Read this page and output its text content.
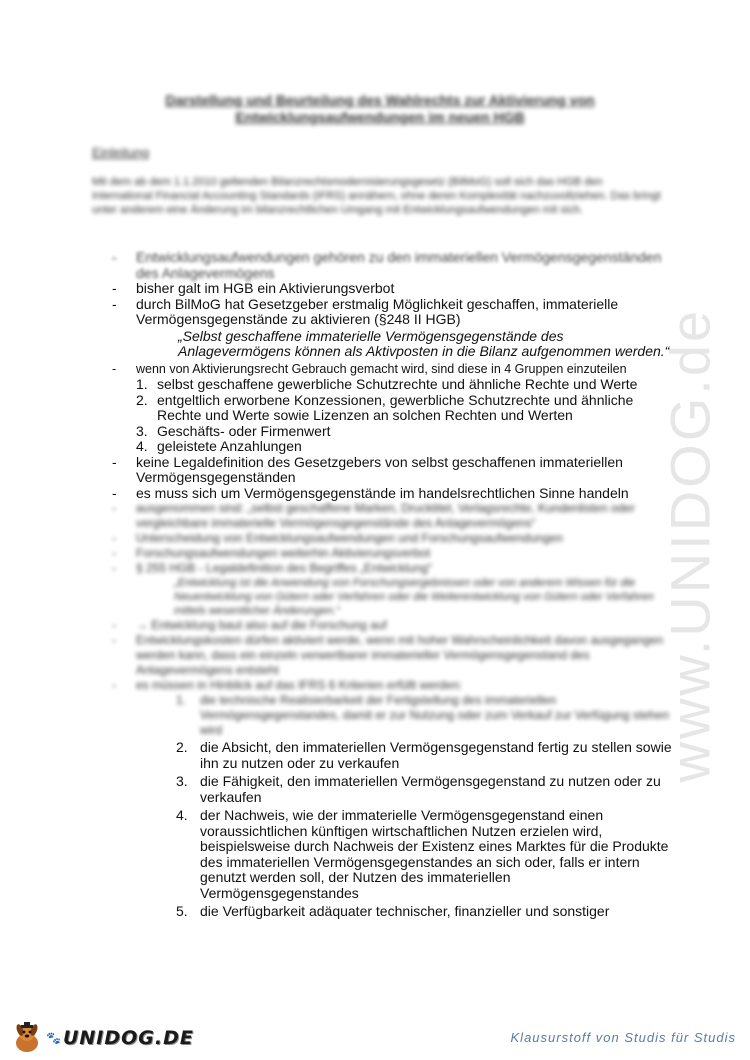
Darstellung und Beurteilung des Wahlrechts zur Aktivierung von Entwicklungsaufwendungen im neuen HGB
Einleitung
Mit dem ab dem 1.1.2010 geltenden Bilanzrechtsmodernisierungsgesetz (BilMoG) soll sich das HGB den International Financial Accounting Standards (IFRS) annähern, ohne deren Komplexität nachzuvollziehen. Das bringt unter anderem eine Änderung im bilanzrechtlichen Umgang mit Entwicklungsaufwendungen mit sich.
www.UNIDOG.de
- Entwicklungsaufwendungen gehören zu den immateriellen Vermögensgegenständen des Anlagevermögens
- bisher galt im HGB ein Aktivierungsverbot
- durch BilMoG hat Gesetzgeber erstmalig Möglichkeit geschaffen, immaterielle Vermögensgegenstände zu aktivieren (§248 II HGB)
„Selbst geschaffene immaterielle Vermögensgegenstände des Anlagevermögens können als Aktivposten in die Bilanz aufgenommen werden.“
- wenn von Aktivierungsrecht Gebrauch gemacht wird, sind diese in 4 Gruppen einzuteilen
1. selbst geschaffene gewerbliche Schutzrechte und ähnliche Rechte und Werte
2. entgeltlich erworbene Konzessionen, gewerbliche Schutzrechte und ähnliche Rechte und Werte sowie Lizenzen an solchen Rechten und Werten
3. Geschäfts- oder Firmenwert
4. geleistete Anzahlungen
- keine Legaldefinition des Gesetzgebers von selbst geschaffenen immateriellen Vermögensgegenständen
- es muss sich um Vermögensgegenstände im handelsrechtlichen Sinne handeln
- ausgenommen sind: „selbst geschaffene Marken, Drucktitel, Verlagsrechte, Kundenlisten oder vergleichbare immaterielle Vermögensgegenstände des Anlagevermögens“
- Unterscheidung von Entwicklungsaufwendungen und Forschungsaufwendungen
- Forschungsaufwendungen weiterhin Aktivierungsverbot
- § 255 HGB - Legaldefinition des Begriffes „Entwicklung“
„Entwicklung ist die Anwendung von Forschungsergebnissen oder von anderem Wissen für die Neuentwicklung von Gütern oder Verfahren oder die Weiterentwicklung von Gütern oder Verfahren mittels wesentlicher Änderungen.“
- → Entwicklung baut also auf die Forschung auf
- Entwicklungskosten dürfen aktiviert werde, wenn mit hoher Wahrscheinlichkeit davon ausgegangen werden kann, dass ein einzeln verwertbarer immaterieller Vermögensgegenstand des Anlagevermögens entsteht
- es müssen in Hinblick auf das IFRS 6 Kriterien erfüllt werden:
1. die technische Realisierbarkeit der Fertigstellung des immateriellen Vermögensgegenstandes, damit er zur Nutzung oder zum Verkauf zur Verfügung stehen wird
2. die Absicht, den immateriellen Vermögensgegenstand fertig zu stellen sowie ihn zu nutzen oder zu verkaufen
3. die Fähigkeit, den immateriellen Vermögensgegenstand zu nutzen oder zu verkaufen
4. der Nachweis, wie der immaterielle Vermögensgegenstand einen voraussichtlichen künftigen wirtschaftlichen Nutzen erzielen wird, beispielsweise durch Nachweis der Existenz eines Marktes für die Produkte des immateriellen Vermögensgegenstandes an sich oder, falls er intern genutzt werden soll, der Nutzen des immateriellen Vermögensgegenstandes
5. die Verfügbarkeit adäquater technischer, finanzieller und sonstiger
🐾 UNIDOG.DE	Klausurstoff von Studis für Studis
